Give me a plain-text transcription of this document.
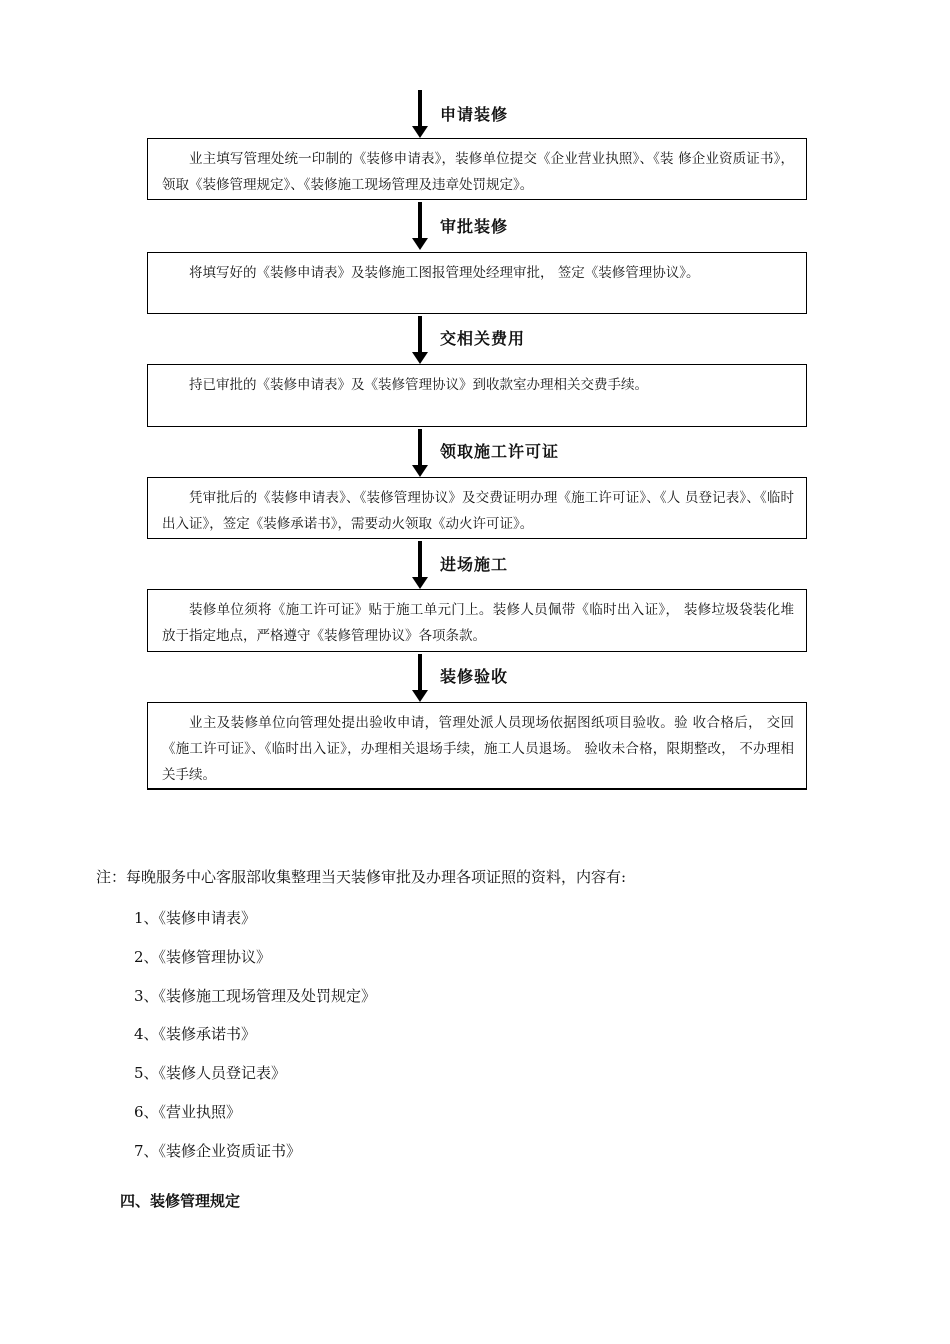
申请装修
业主填写管理处统一印制的《装修申请表》，装修单位提交《企业营业执照》、《装 修企业资质证书》，领取《装修管理规定》、《装修施工现场管理及违章处罚规定》。
审批装修
将填写好的《装修申请表》及装修施工图报管理处经理审批， 签定《装修管理协议》。
交相关费用
持已审批的《装修申请表》及《装修管理协议》到收款室办理相关交费手续。
领取施工许可证
凭审批后的《装修申请表》、《装修管理协议》及交费证明办理《施工许可证》、《人 员登记表》、《临时出入证》，签定《装修承诺书》，需要动火领取《动火许可证》。
进场施工
装修单位须将《施工许可证》贴于施工单元门上。装修人员佩带《临时出入证》， 装修垃圾袋装化堆放于指定地点，严格遵守《装修管理协议》各项条款。
装修验收
业主及装修单位向管理处提出验收申请，管理处派人员现场依据图纸项目验收。验 收合格后， 交回《施工许可证》、《临时出入证》，办理相关退场手续，施工人员退场。 验收未合格，限期整改， 不办理相关手续。
注：每晚服务中心客服部收集整理当天装修审批及办理各项证照的资料，内容有:
1、《装修申请表》
2、《装修管理协议》
3、《装修施工现场管理及处罚规定》
4、《装修承诺书》
5、《装修人员登记表》
6、《营业执照》
7、《装修企业资质证书》
四、装修管理规定
